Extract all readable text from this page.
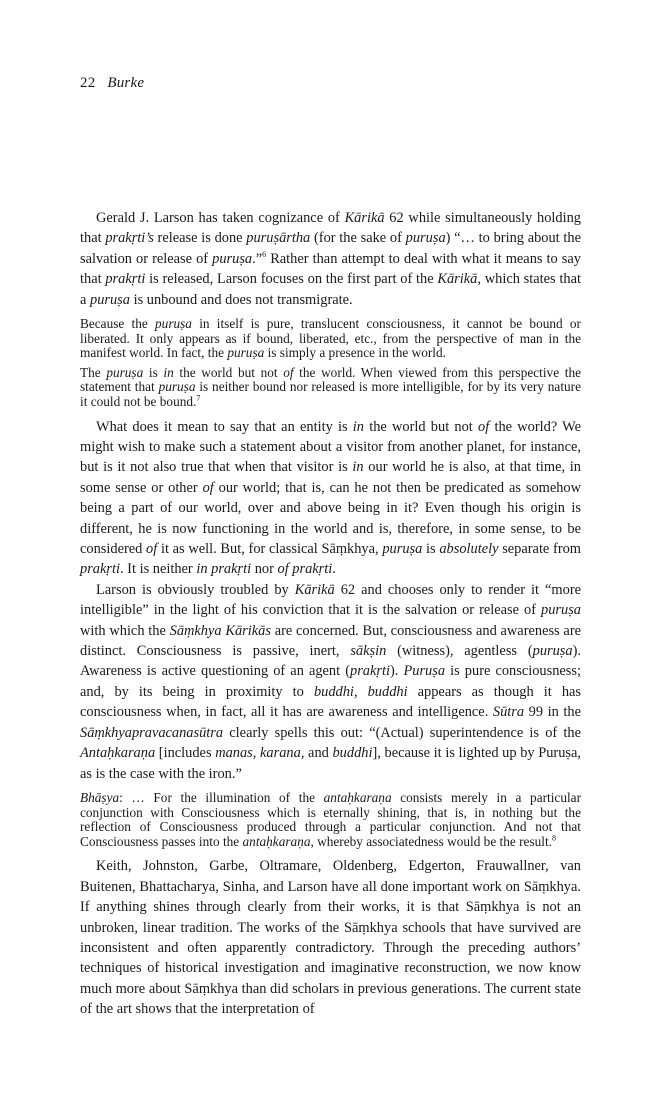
22 Burke

Gerald J. Larson has taken cognizance of Kārikā 62 while simultaneously holding that prakṛti’s release is done puruṣārtha (for the sake of puruṣa) “… to bring about the salvation or release of puruṣa.”$^6$ Rather than attempt to deal with what it means to say that prakṛti is released, Larson focuses on the first part of the Kārikā, which states that a puruṣa is unbound and does not transmigrate.

Because the puruṣa in itself is pure, translucent consciousness, it cannot be bound or liberated. It only appears as if bound, liberated, etc., from the perspective of man in the manifest world. In fact, the puruṣa is simply a presence in the world.

The puruṣa is in the world but not of the world. When viewed from this perspective the statement that puruṣa is neither bound nor released is more intelligible, for by its very nature it could not be bound.$^7$

What does it mean to say that an entity is in the world but not of the world? We might wish to make such a statement about a visitor from another planet, for instance, but is it not also true that when that visitor is in our world he is also, at that time, in some sense or other of our world; that is, can he not then be predicated as somehow being a part of our world, over and above being in it? Even though his origin is different, he is now functioning in the world and is, therefore, in some sense, to be considered of it as well. But, for classical Sāṃkhya, puruṣa is absolutely separate from prakṛti. It is neither in prakṛti nor of prakṛti.

Larson is obviously troubled by Kārikā 62 and chooses only to render it “more intelligible” in the light of his conviction that it is the salvation or release of puruṣa with which the Sāṃkhya Kārikās are concerned. But, consciousness and awareness are distinct. Consciousness is passive, inert, sākṣin (witness), agentless (puruṣa). Awareness is active questioning of an agent (prakṛti). Puruṣa is pure consciousness; and, by its being in proximity to buddhi, buddhi appears as though it has consciousness when, in fact, all it has are awareness and intelligence. Sūtra 99 in the Sāṃkhyapravacanasūtra clearly spells this out: “(Actual) superintendence is of the Antaḥkaraṇa [includes manas, karana, and buddhi], because it is lighted up by Puruṣa, as is the case with the iron.”

Bhāṣya: … For the illumination of the antaḥkaraṇa consists merely in a particular conjunction with Consciousness which is eternally shining, that is, in nothing but the reflection of Consciousness produced through a particular conjunction. And not that Consciousness passes into the antaḥkaraṇa, whereby associatedness would be the result.$^8$

Keith, Johnston, Garbe, Oltramare, Oldenberg, Edgerton, Frauwallner, van Buitenen, Bhattacharya, Sinha, and Larson have all done important work on Sāṃkhya. If anything shines through clearly from their works, it is that Sāṃkhya is not an unbroken, linear tradition. The works of the Sāṃkhya schools that have survived are inconsistent and often apparently contradictory. Through the preceding authors’ techniques of historical investigation and imaginative reconstruction, we now know much more about Sāṃkhya than did scholars in previous generations. The current state of the art shows that the interpretation of
